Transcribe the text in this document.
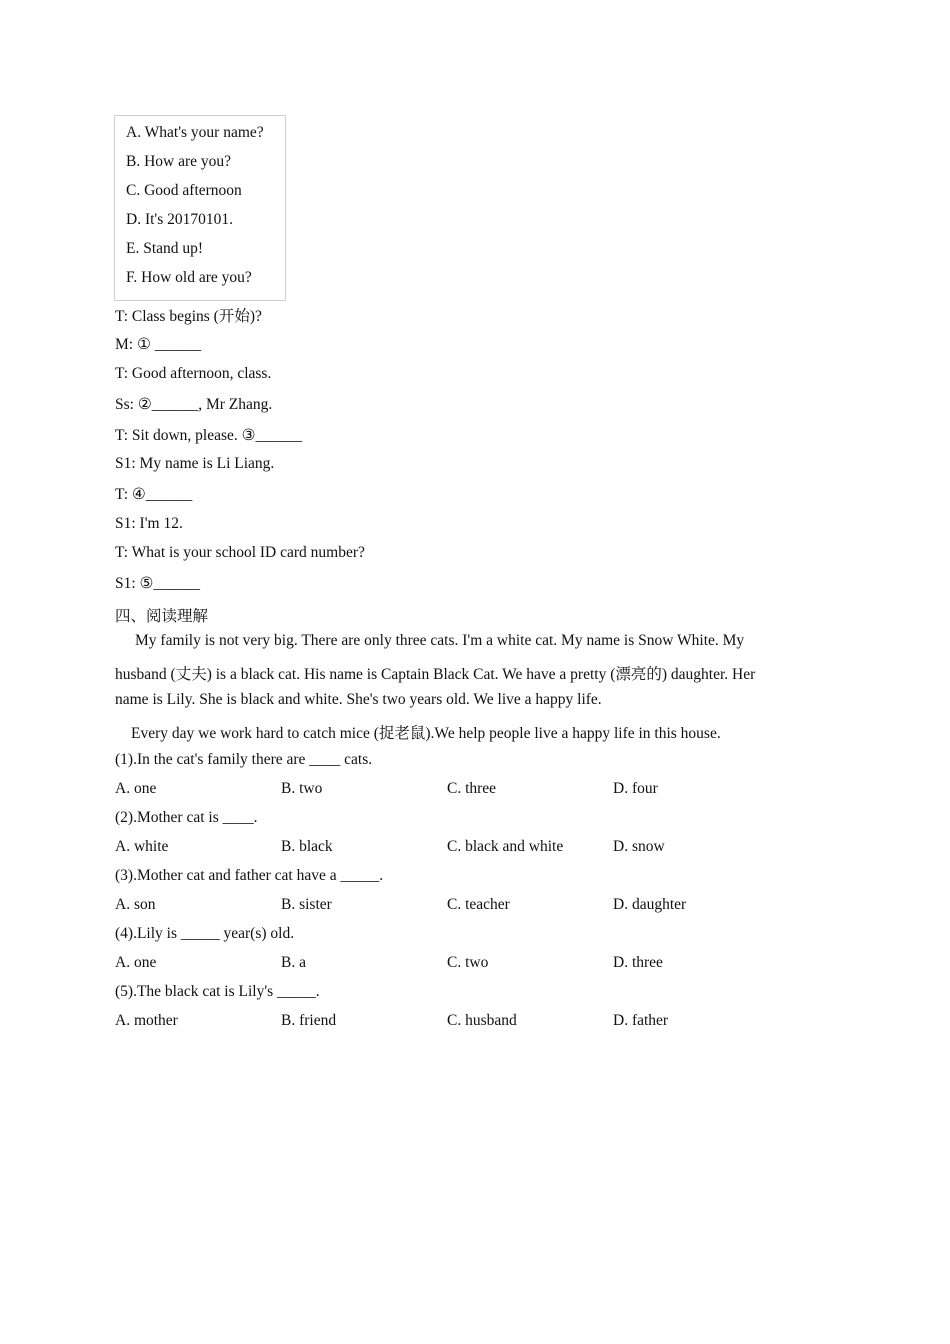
A. What's your name?
B. How are you?
C. Good afternoon
D. It's 20170101.
E. Stand up!
F. How old are you?
T: Class begins (开始)?
M: ① ______
T: Good afternoon, class.
Ss: ②______, Mr Zhang.
T: Sit down, please. ③______
S1: My name is Li Liang.
T: ④______
S1: I'm 12.
T: What is your school ID card number?
S1: ⑤______
四、阅读理解
My family is not very big. There are only three cats. I'm a white cat. My name is Snow White. My
husband (丈夫) is a black cat. His name is Captain Black Cat. We have a pretty (漂亮的) daughter. Her
name is Lily. She is black and white. She's two years old. We live a happy life.
Every day we work hard to catch mice (捉老鼠).We help people live a happy life in this house.
(1).In the cat's family there are ____ cats.
A. one	B. two	C. three	D. four
(2).Mother cat is ____.
A. white	B. black	C. black and white	D. snow
(3).Mother cat and father cat have a _____.
A. son	B. sister	C. teacher	D. daughter
(4).Lily is _____ year(s) old.
A. one	B. a	C. two	D. three
(5).The black cat is Lily's _____.
A. mother	B. friend	C. husband	D. father
